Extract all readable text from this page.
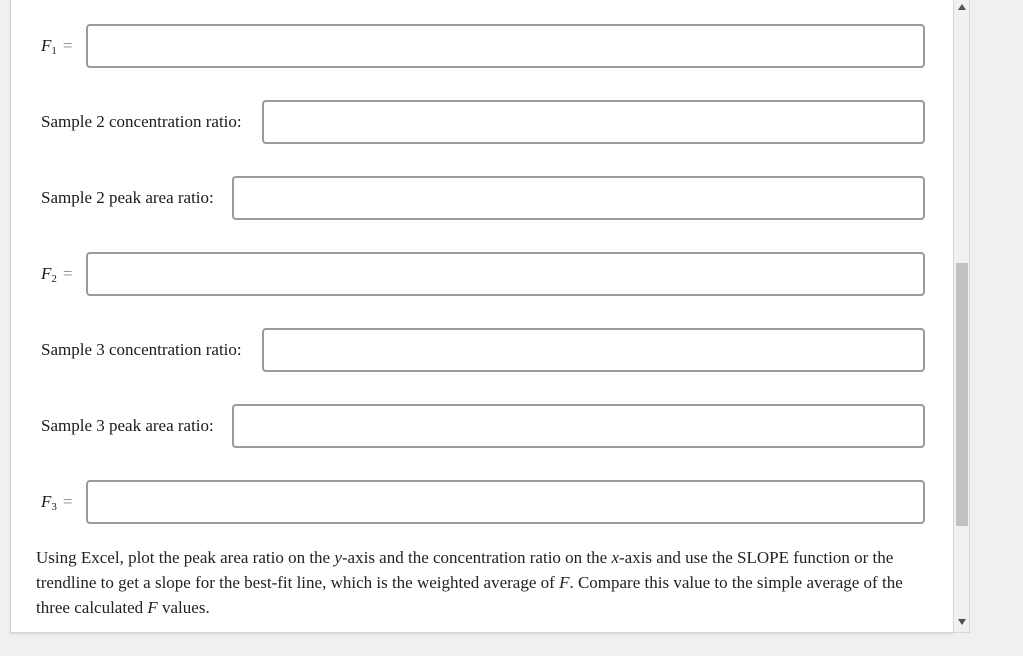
F1 =
Sample 2 concentration ratio:
Sample 2 peak area ratio:
F2 =
Sample 3 concentration ratio:
Sample 3 peak area ratio:
F3 =

Using Excel, plot the peak area ratio on the y-axis and the concentration ratio on the x-axis and use the SLOPE function or the trendline to get a slope for the best-fit line, which is the weighted average of F. Compare this value to the simple average of the three calculated F values.
